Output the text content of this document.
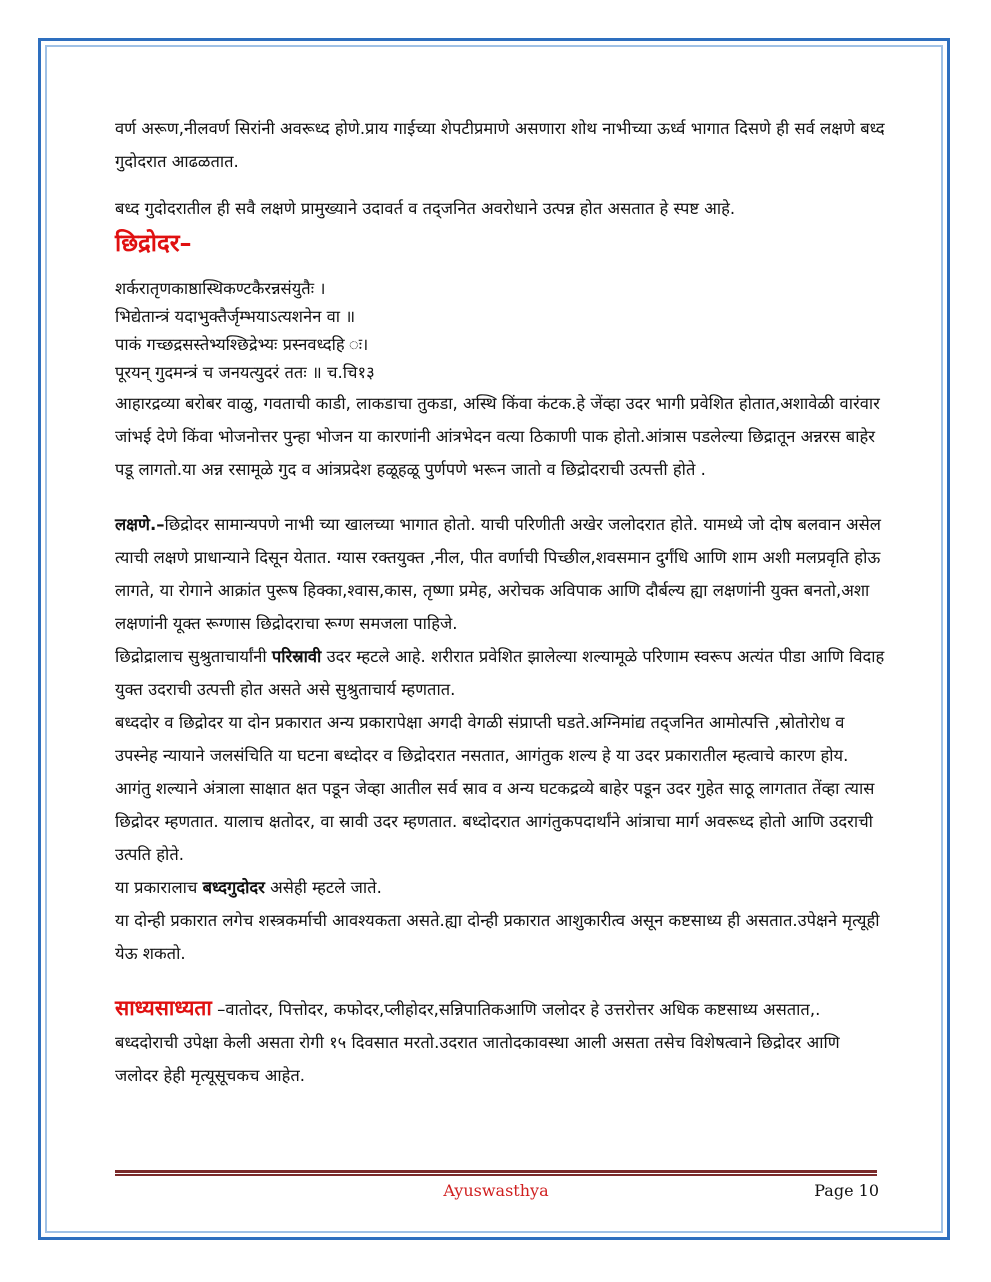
वर्ण अरूण,नीलवर्ण सिरांनी अवरूध्द होणे.प्राय गाईच्या शेपटीप्रमाणे असणारा शोथ नाभीच्या ऊर्ध्व भागात दिसणे ही सर्व लक्षणे बध्द गुदोदरात आढळतात.

बध्द गुदोदरातील ही सवै लक्षणे प्रामुख्याने उदावर्त व तद्‌जनित अवरोधाने उत्पन्न होत असतात हे स्पष्ट आहे.

छिद्रोदर–

शर्करातृणकाष्ठास्थिकण्टकैरन्नसंयुतैः ।

भिद्येतान्त्रं यदाभुक्तैर्जृम्भयाऽत्यशनेन वा ॥

पाकं गच्छद्रसस्तेभ्यश्छिद्रेभ्यः प्रस्नवध्दहि ः।

पूरयन् गुदमन्त्रं च जनयत्युदरं ततः ॥ च.चि१३

आहारद्रव्या बरोबर वाळु, गवताची काडी, लाकडाचा तुकडा, अस्थि किंवा कंटक.हे जेंव्हा उदर भागी प्रवेशित होतात,अशावेळी वारंवार जांभई देणे किंवा भोजनोत्तर पुन्हा भोजन या कारणांनी आंत्रभेदन वत्या ठिकाणी पाक होतो.आंत्रास पडलेल्या छिद्रातून अन्नरस बाहेर पडू लागतो.या अन्न रसामूळे गुद व आंत्रप्रदेश हळूहळू पुर्णपणे भरून जातो व छिद्रोदराची उत्पत्ती होते .

लक्षणे.–छिद्रोदर सामान्यपणे नाभी च्या खालच्या भागात होतो. याची परिणीती अखेर जलोदरात होते. यामध्ये जो दोष बलवान असेल त्याची लक्षणे प्राधान्याने दिसून येतात. ग्यास रक्तयुक्त ,नील, पीत वर्णाची पिच्छील,शवसमान दुर्गंधि आणि शाम अशी मलप्रवृति होऊ लागते, या रोगाने आक्रांत पुरूष हिक्का,श्वास,कास, तृष्णा प्रमेह, अरोचक अविपाक आणि दौर्बल्य ह्या लक्षणांनी युक्त बनतो,अशा लक्षणांनी यूक्त रूग्णास छिद्रोदराचा रूग्ण समजला पाहिजे.

छिद्रोद्रालाच सुश्रुताचार्यांनी परिस्रावी उदर म्हटले आहे. शरीरात प्रवेशित झालेल्या शल्यामूळे परिणाम स्वरूप अत्यंत पीडा आणि विदाह युक्त उदराची उत्पत्ती होत असते असे सुश्रुताचार्य म्हणतात.

बध्ददोर व छिद्रोदर या दोन प्रकारात अन्य प्रकारापेक्षा अगदी वेगळी संप्राप्ती घडते.अग्निमांद्य तद्‌जनित आमोत्पत्ति ,स्रोतोरोध व उपस्नेह न्यायाने जलसंचिति या घटना बध्दोदर व छिद्रोदरात नसतात, आगंतुक शल्य हे या उदर प्रकारातील म्हत्वाचे कारण होय. आगंतु शल्याने अंत्राला साक्षात क्षत पडून जेव्हा आतील सर्व स्राव व अन्य घटकद्रव्ये बाहेर पडून उदर गुहेत साठू लागतात तेंव्हा त्यास छिद्रोदर म्हणतात. यालाच क्षतोदर, वा स्रावी उदर म्हणतात. बध्दोदरात आगंतुकपदार्थांने आंत्राचा मार्ग अवरूध्द होतो आणि उदराची उत्पति होते.

या प्रकारालाच बध्दगुदोदर असेही म्हटले जाते.

या दोन्ही प्रकारात लगेच शस्त्रकर्माची आवश्यकता असते.ह्या दोन्ही प्रकारात आशुकारीत्व असून कष्टसाध्य ही असतात.उपेक्षने मृत्यूही येऊ शकतो.

साध्यसाध्यता –वातोदर, पित्तोदर, कफोदर,प्लीहोदर,सन्निपातिकआणि जलोदर हे उत्तरोत्तर अधिक कष्टसाध्य असतात,. बध्ददोराची उपेक्षा केली असता रोगी १५ दिवसात मरतो.उदरात जातोदकावस्था आली असता तसेच विशेषत्वाने छिद्रोदर आणि जलोदर हेही मृत्यूसूचकच आहेत.

Ayuswasthya	Page 10
